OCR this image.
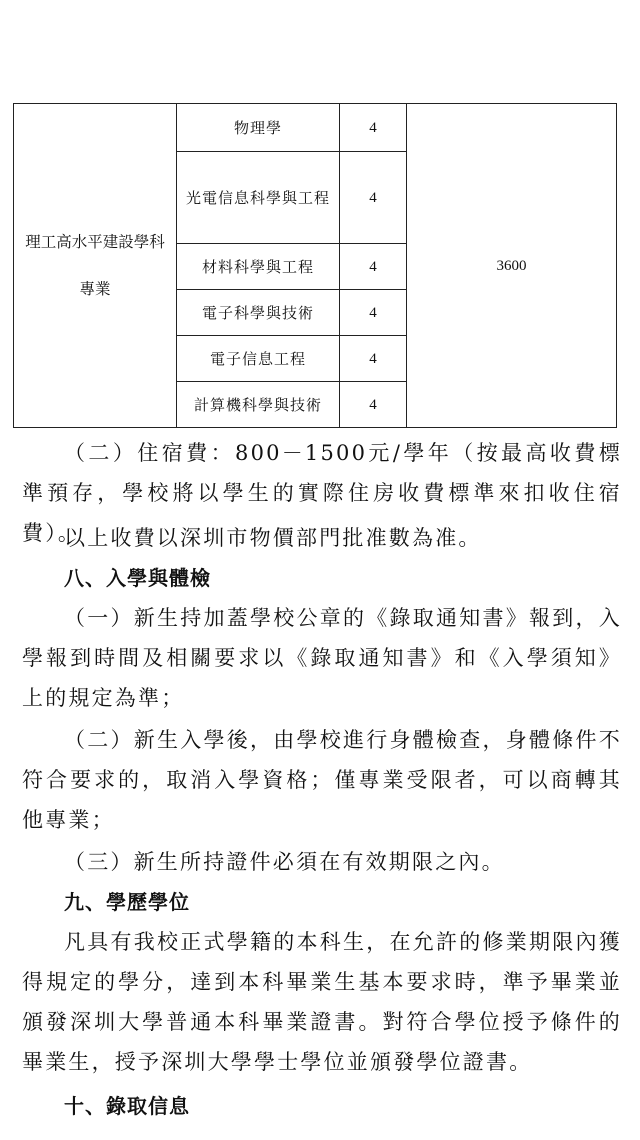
理工高水平建設學科專業
物理學	4
光電信息科學與工程	4
材料科學與工程	4
電子科學與技術	4
電子信息工程	4
計算機科學與技術	4
3600
（二）住宿費：800－1500元/學年（按最高收費標準預存，學校將以學生的實際住房收費標準來扣收住宿費）。
以上收費以深圳市物價部門批准數為准。
八、入學與體檢
（一）新生持加蓋學校公章的《錄取通知書》報到，入學報到時間及相關要求以《錄取通知書》和《入學須知》上的規定為準；
（二）新生入學後，由學校進行身體檢查，身體條件不符合要求的，取消入學資格；僅專業受限者，可以商轉其他專業；
（三）新生所持證件必須在有效期限之內。
九、學歷學位
凡具有我校正式學籍的本科生，在允許的修業期限內獲得規定的學分，達到本科畢業生基本要求時，準予畢業並頒發深圳大學普通本科畢業證書。對符合學位授予條件的畢業生，授予深圳大學學士學位並頒發學位證書。
十、錄取信息
